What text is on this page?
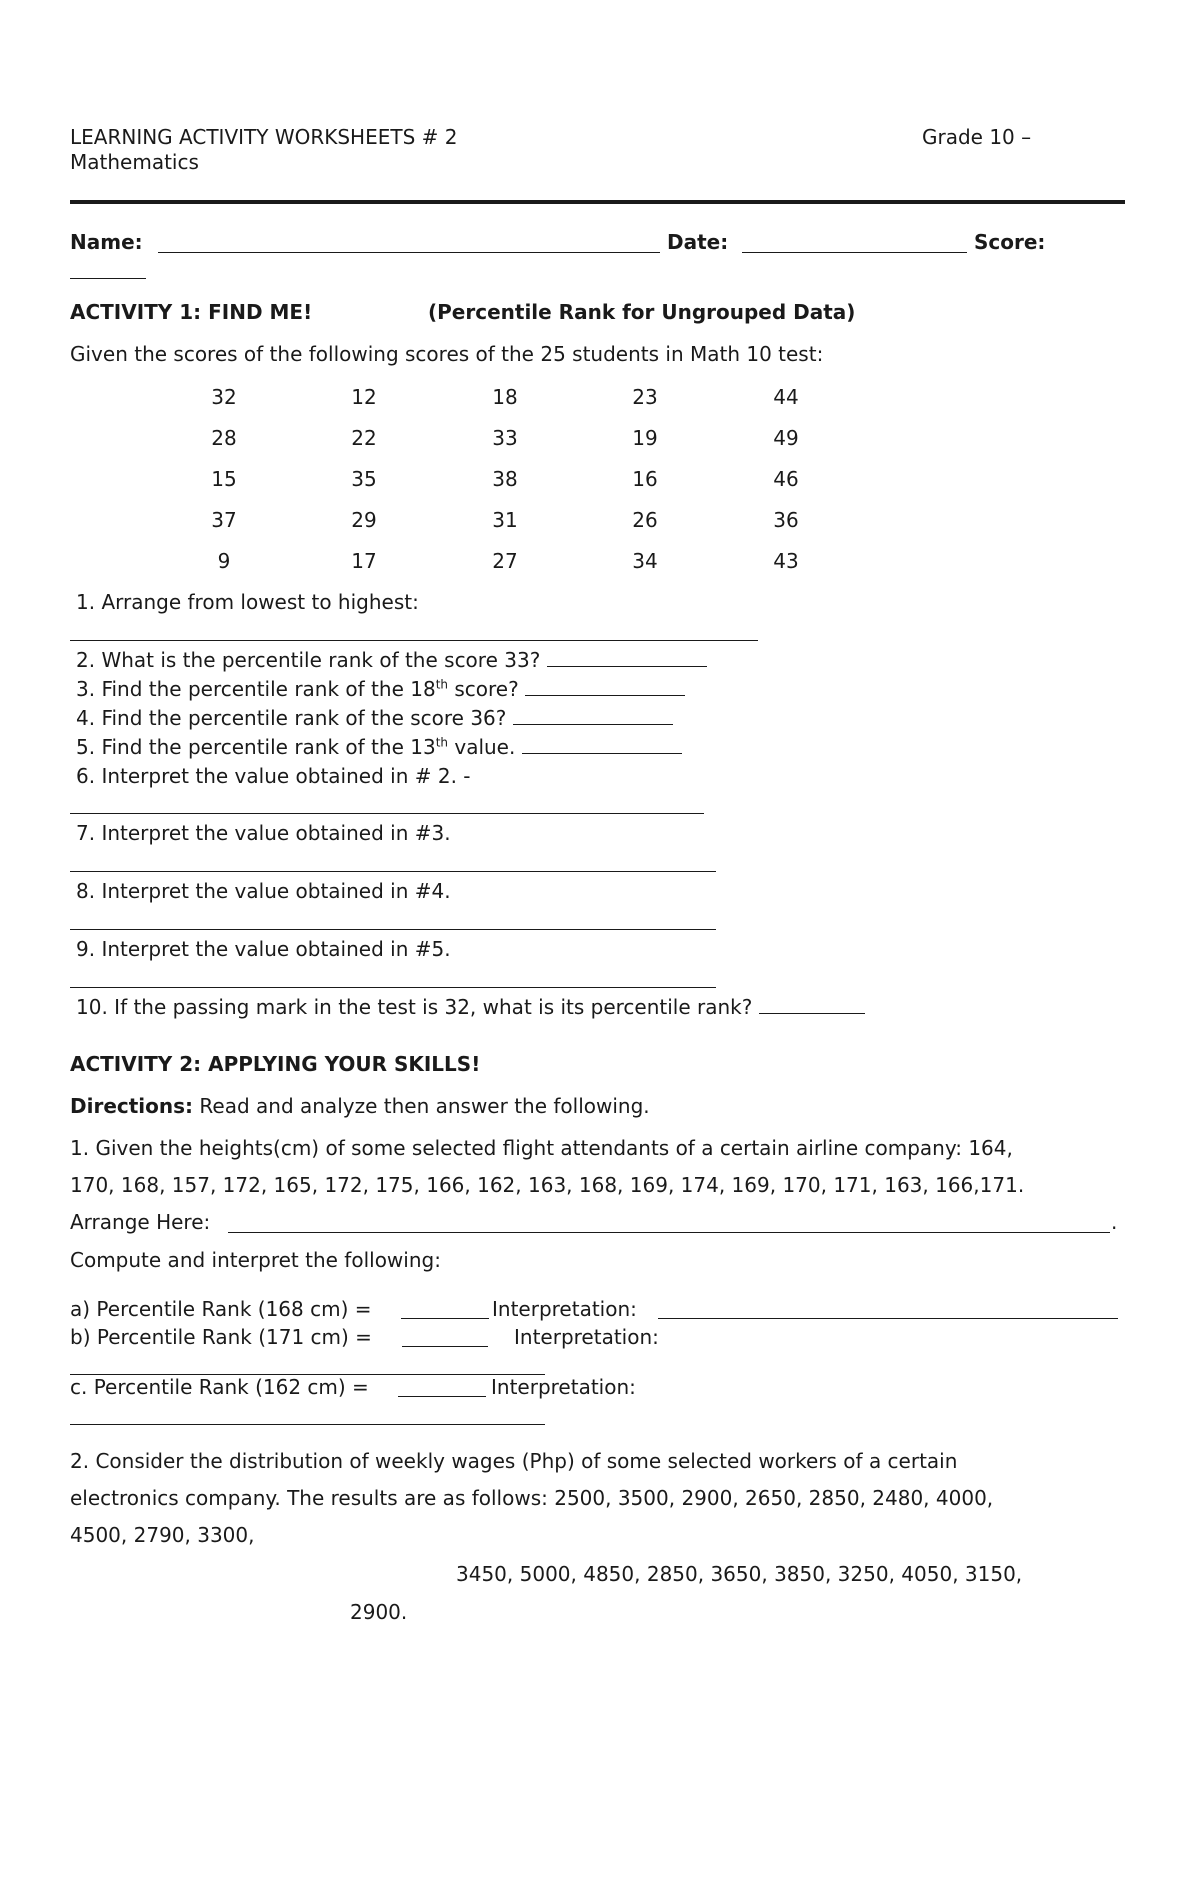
LEARNING ACTIVITY WORKSHEETS # 2	Grade 10 –
Mathematics
Name:	Date:	Score:
ACTIVITY 1: FIND ME!	(Percentile Rank for Ungrouped Data)
Given the scores of the following scores of the 25 students in Math 10 test:
32	12	18	23	44
28	22	33	19	49
15	35	38	16	46
37	29	31	26	36
9	17	27	34	43
1. Arrange from lowest to highest:
2. What is the percentile rank of the score 33?
3. Find the percentile rank of the 18th score?
4. Find the percentile rank of the score 36?
5. Find the percentile rank of the 13th value.
6. Interpret the value obtained in # 2. -
7. Interpret the value obtained in #3.
8. Interpret the value obtained in #4.
9. Interpret the value obtained in #5.
10. If the passing mark in the test is 32, what is its percentile rank?
ACTIVITY 2: APPLYING YOUR SKILLS!
Directions: Read and analyze then answer the following.
1. Given the heights(cm) of some selected flight attendants of a certain airline company: 164,
170, 168, 157, 172, 165, 172, 175, 166, 162, 163, 168, 169, 174, 169, 170, 171, 163, 166,171.
Arrange Here:	.
Compute and interpret the following:
a) Percentile Rank (168 cm) =	Interpretation:
b) Percentile Rank (171 cm) =	Interpretation:
c. Percentile Rank (162 cm) =	Interpretation:
2. Consider the distribution of weekly wages (Php) of some selected workers of a certain
electronics company. The results are as follows: 2500, 3500, 2900, 2650, 2850, 2480, 4000,
4500, 2790, 3300,
3450, 5000, 4850, 2850, 3650, 3850, 3250, 4050, 3150,
2900.
